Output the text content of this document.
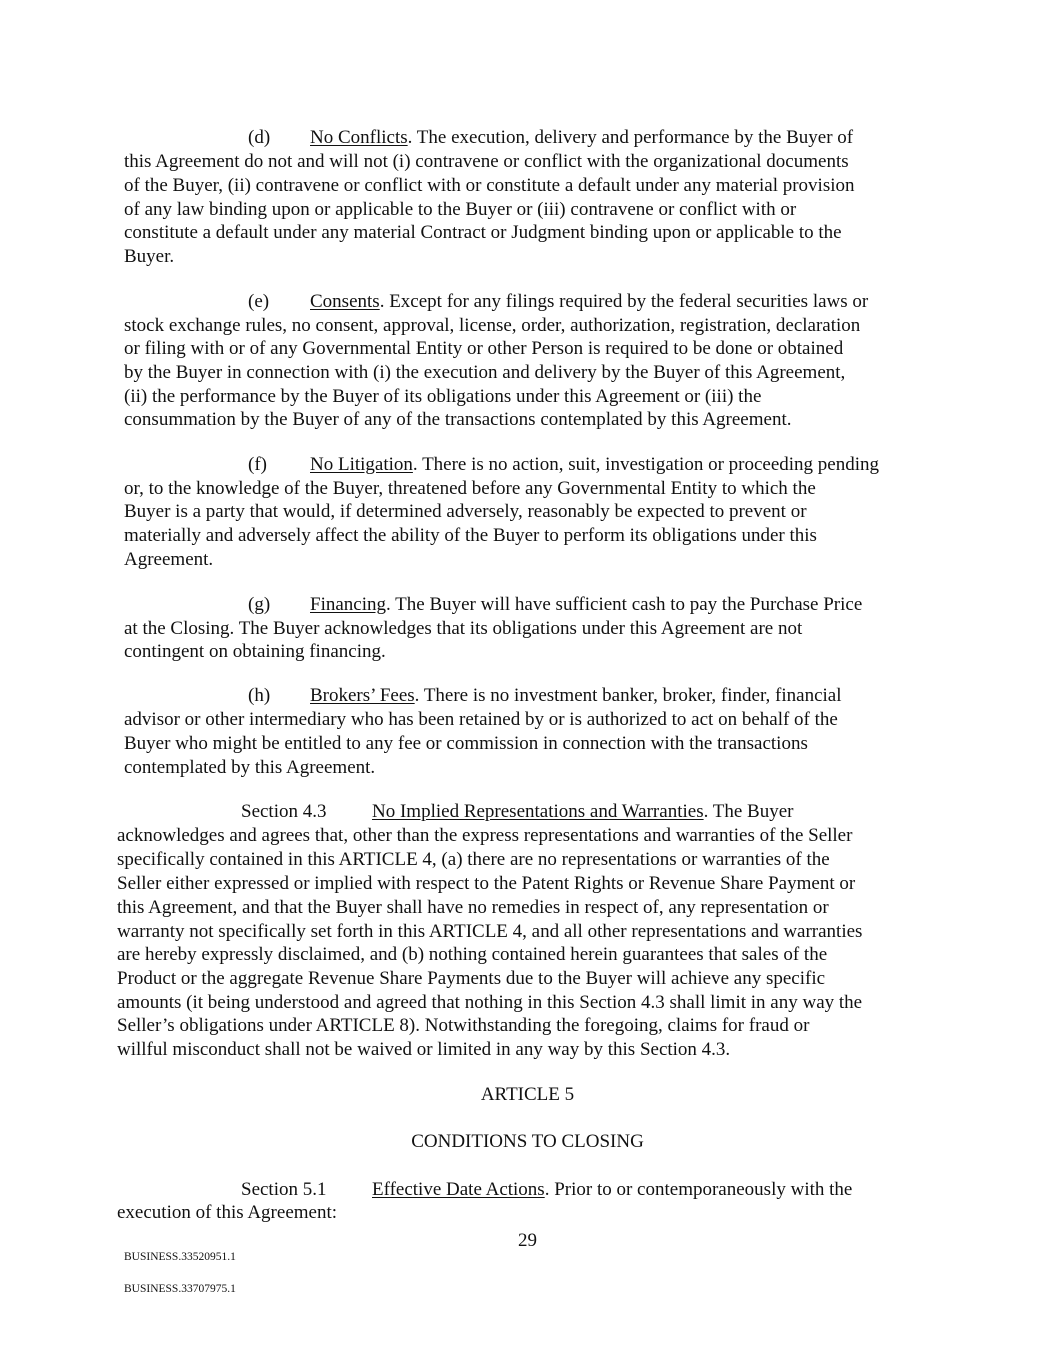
(d) No Conflicts. The execution, delivery and performance by the Buyer of
this Agreement do not and will not (i) contravene or conflict with the organizational documents
of the Buyer, (ii) contravene or conflict with or constitute a default under any material provision
of any law binding upon or applicable to the Buyer or (iii) contravene or conflict with or
constitute a default under any material Contract or Judgment binding upon or applicable to the
Buyer.
(e) Consents. Except for any filings required by the federal securities laws or
stock exchange rules, no consent, approval, license, order, authorization, registration, declaration
or filing with or of any Governmental Entity or other Person is required to be done or obtained
by the Buyer in connection with (i) the execution and delivery by the Buyer of this Agreement,
(ii) the performance by the Buyer of its obligations under this Agreement or (iii) the
consummation by the Buyer of any of the transactions contemplated by this Agreement.
(f) No Litigation. There is no action, suit, investigation or proceeding pending
or, to the knowledge of the Buyer, threatened before any Governmental Entity to which the
Buyer is a party that would, if determined adversely, reasonably be expected to prevent or
materially and adversely affect the ability of the Buyer to perform its obligations under this
Agreement.
(g) Financing. The Buyer will have sufficient cash to pay the Purchase Price
at the Closing. The Buyer acknowledges that its obligations under this Agreement are not
contingent on obtaining financing.
(h) Brokers’ Fees. There is no investment banker, broker, finder, financial
advisor or other intermediary who has been retained by or is authorized to act on behalf of the
Buyer who might be entitled to any fee or commission in connection with the transactions
contemplated by this Agreement.
Section 4.3 No Implied Representations and Warranties. The Buyer
acknowledges and agrees that, other than the express representations and warranties of the Seller
specifically contained in this ARTICLE 4, (a) there are no representations or warranties of the
Seller either expressed or implied with respect to the Patent Rights or Revenue Share Payment or
this Agreement, and that the Buyer shall have no remedies in respect of, any representation or
warranty not specifically set forth in this ARTICLE 4, and all other representations and warranties
are hereby expressly disclaimed, and (b) nothing contained herein guarantees that sales of the
Product or the aggregate Revenue Share Payments due to the Buyer will achieve any specific
amounts (it being understood and agreed that nothing in this Section 4.3 shall limit in any way the
Seller’s obligations under ARTICLE 8). Notwithstanding the foregoing, claims for fraud or
willful misconduct shall not be waived or limited in any way by this Section 4.3.
ARTICLE 5
CONDITIONS TO CLOSING
Section 5.1 Effective Date Actions. Prior to or contemporaneously with the
execution of this Agreement:
29
BUSINESS.33520951.1
BUSINESS.33707975.1
